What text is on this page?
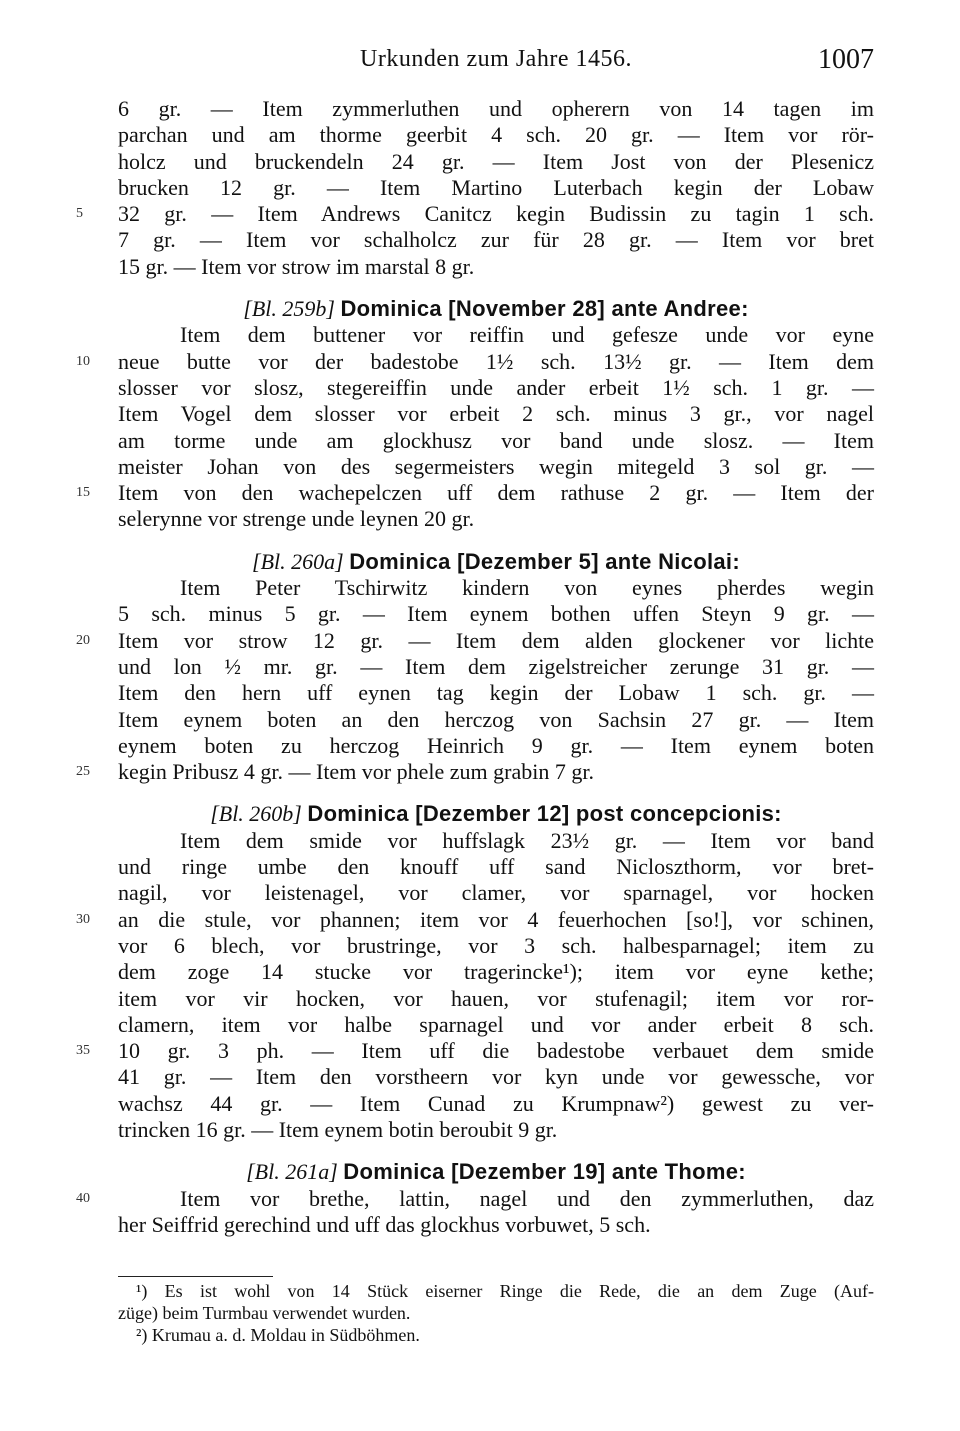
Urkunden zum Jahre 1456.	1007
6 gr. — Item zymmerluthen und opherern von 14 tagen im
parchan und am thorme geerbit 4 sch. 20 gr. — Item vor rör-
holcz und bruckendeln 24 gr. — Item Jost von der Plesenicz
brucken 12 gr. — Item Martino Luterbach kegin der Lobaw
5	32 gr. — Item Andrews Canitcz kegin Budissin zu tagin 1 sch.
7 gr. — Item vor schalholcz zur für 28 gr. — Item vor bret
15 gr. — Item vor strow im marstal 8 gr.
[Bl. 259b] Dominica [November 28] ante Andree:
Item dem buttener vor reiffin und gefesze unde vor eyne
10	neue butte vor der badestobe 1½ sch. 13½ gr. — Item dem
slosser vor slosz, stegereiffin unde ander erbeit 1½ sch. 1 gr. —
Item Vogel dem slosser vor erbeit 2 sch. minus 3 gr., vor nagel
am torme unde am glockhusz vor band unde slosz. — Item
meister Johan von des segermeisters wegin mitegeld 3 sol gr. —
15	Item von den wachepelczen uff dem rathuse 2 gr. — Item der
selerynne vor strenge unde leynen 20 gr.
[Bl. 260a] Dominica [Dezember 5] ante Nicolai:
Item Peter Tschirwitz kindern von eynes pherdes wegin
5 sch. minus 5 gr. — Item eynem bothen uffen Steyn 9 gr. —
20	Item vor strow 12 gr. — Item dem alden glockener vor lichte
und lon ½ mr. gr. — Item dem zigelstreicher zerunge 31 gr. —
Item den hern uff eynen tag kegin der Lobaw 1 sch. gr. —
Item eynem boten an den herczog von Sachsin 27 gr. — Item
eynem boten zu herczog Heinrich 9 gr. — Item eynem boten
25	kegin Pribusz 4 gr. — Item vor phele zum grabin 7 gr.
[Bl. 260b] Dominica [Dezember 12] post concepcionis:
Item dem smide vor huffslagk 23½ gr. — Item vor band
und ringe umbe den knouff uff sand Nicloszthorm, vor bret-
nagil, vor leistenagel, vor clamer, vor sparnagel, vor hocken
30	an die stule, vor phannen; item vor 4 feuerhochen [so!], vor schinen,
vor 6 blech, vor brustringe, vor 3 sch. halbesparnagel; item zu
dem zoge 14 stucke vor tragerincke¹); item vor eyne kethe;
item vor vir hocken, vor hauen, vor stufenagil; item vor ror-
clamern, item vor halbe sparnagel und vor ander erbeit 8 sch.
35	10 gr. 3 ph. — Item uff die badestobe verbauet dem smide
41 gr. — Item den vorstheern vor kyn unde vor gewessche, vor
wachsz 44 gr. — Item Cunad zu Krumpnaw²) gewest zu ver-
trincken 16 gr. — Item eynem botin beroubit 9 gr.
[Bl. 261a] Dominica [Dezember 19] ante Thome:
40	Item vor brethe, lattin, nagel und den zymmerluthen, daz
her Seiffrid gerechind und uff das glockhus vorbuwet, 5 sch.
¹) Es ist wohl von 14 Stück eiserner Ringe die Rede, die an dem Zuge (Auf-
züge) beim Turmbau verwendet wurden.
²) Krumau a. d. Moldau in Südböhmen.
